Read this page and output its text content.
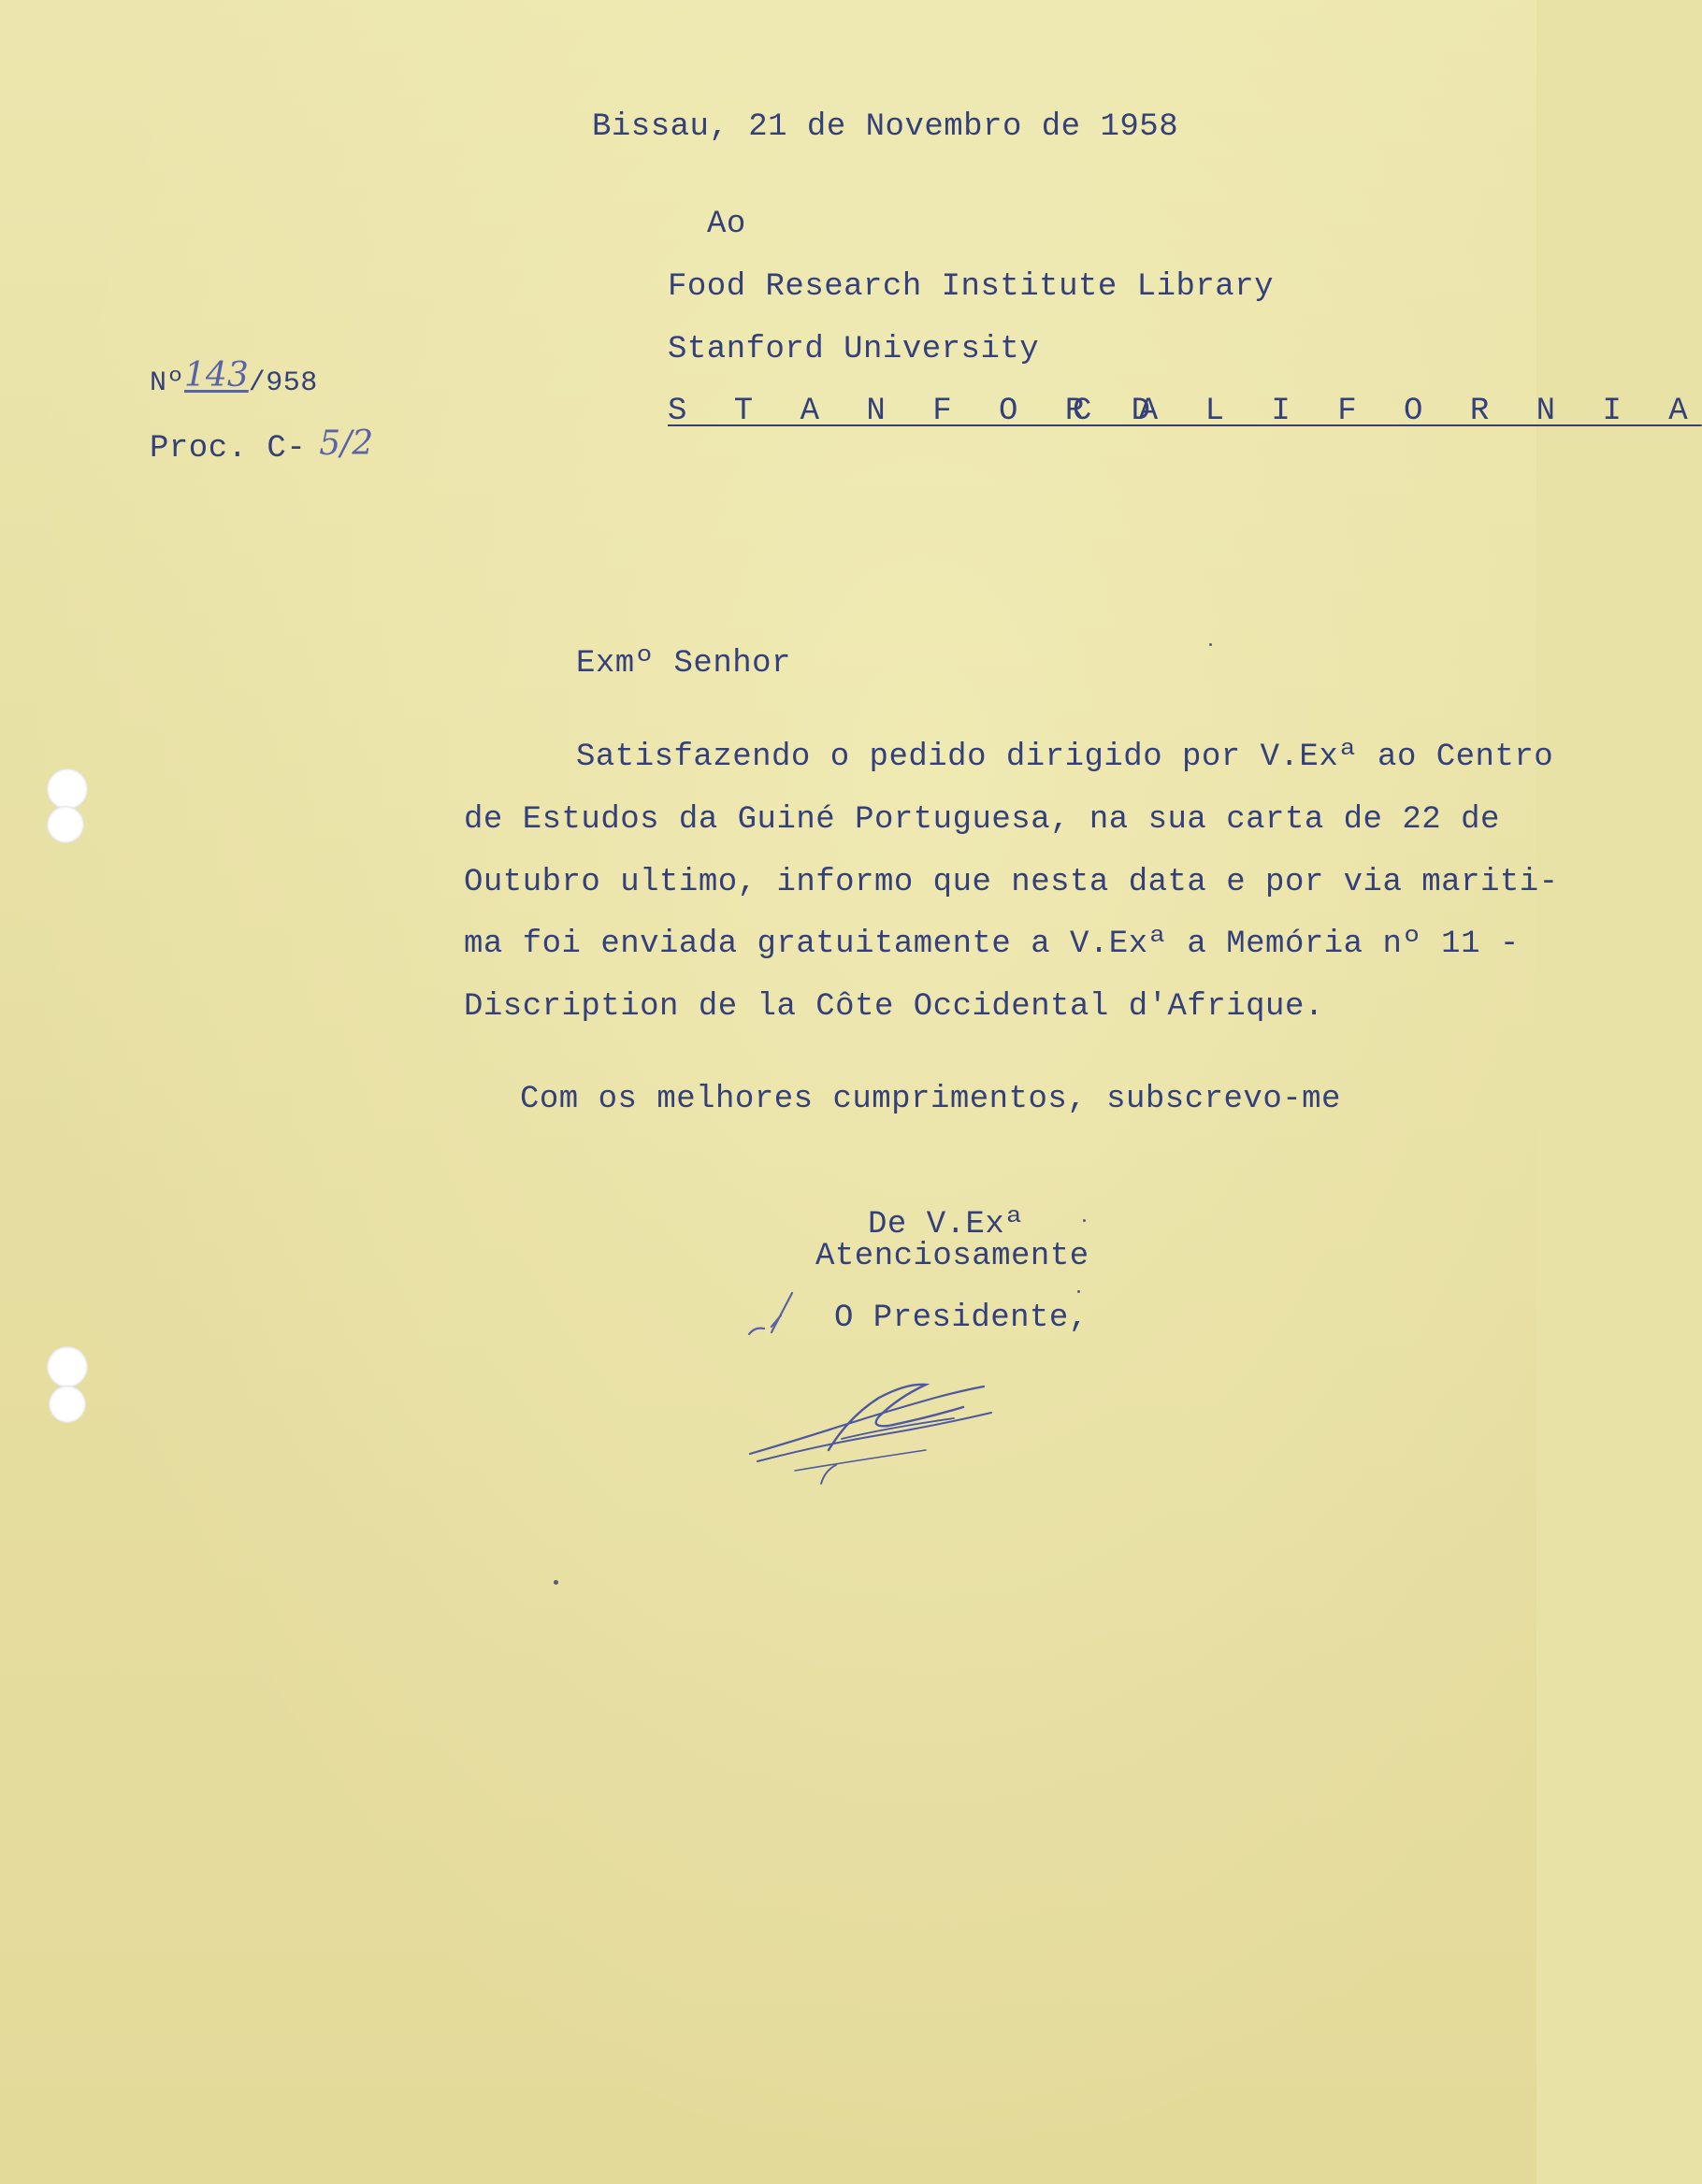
Bissau, 21 de Novembro de 1958
Ao
Food Research Institute Library
Stanford University
S T A N F O R D
C A L I F O R N I A
Nº143/958
Proc. C- 5/2
Exmº Senhor
Satisfazendo o pedido dirigido por V.Exª ao Centro
de Estudos da Guiné Portuguesa, na sua carta de 22 de
Outubro ultimo, informo que nesta data e por via mariti-
ma foi enviada gratuitamente a V.Exª a Memória nº 11 -
Discription de la Côte Occidental d'Afrique.
Com os melhores cumprimentos, subscrevo-me
De V.Exª
Atenciosamente
O Presidente,
